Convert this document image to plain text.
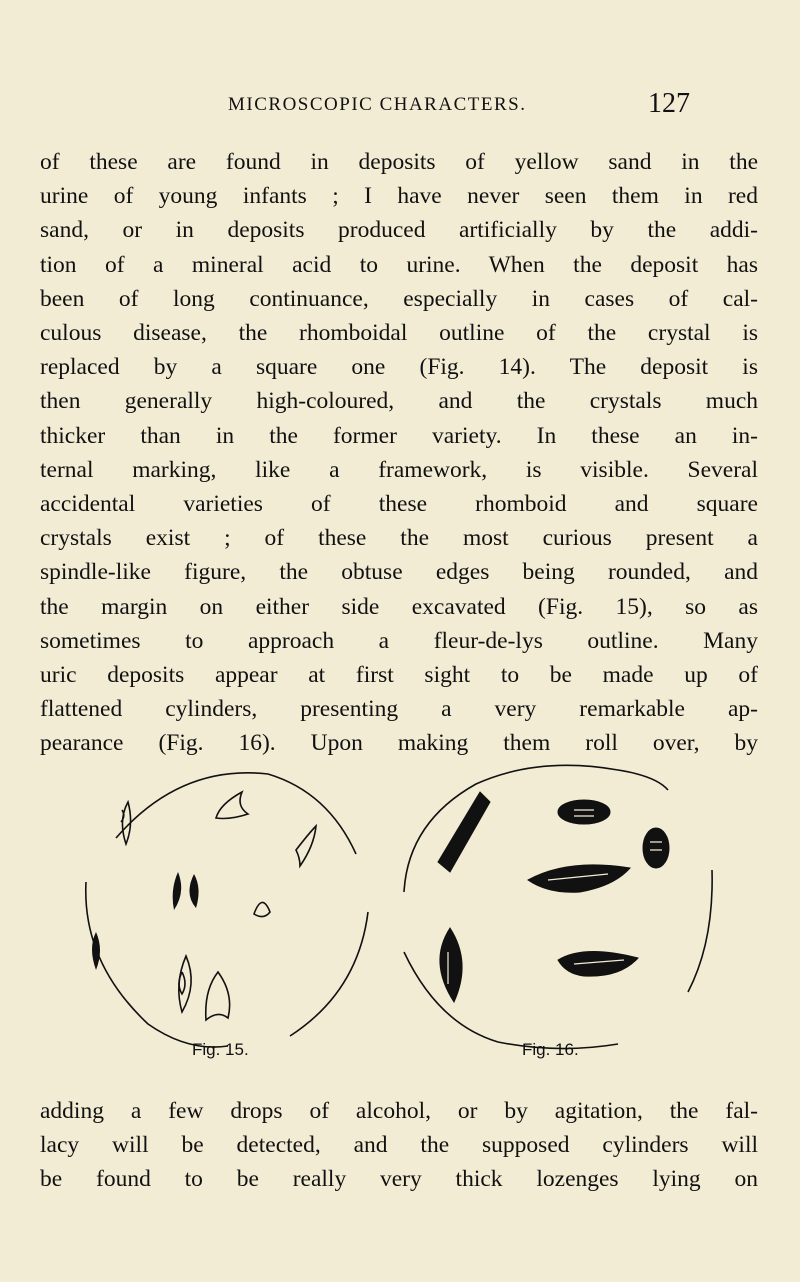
MICROSCOPIC CHARACTERS.	127
of these are found in deposits of yellow sand in the
urine of young infants ; I have never seen them in red
sand, or in deposits produced artificially by the addi-
tion of a mineral acid to urine. When the deposit has
been of long continuance, especially in cases of cal-
culous disease, the rhomboidal outline of the crystal is
replaced by a square one (Fig. 14). The deposit is
then generally high-coloured, and the crystals much
thicker than in the former variety. In these an in-
ternal marking, like a framework, is visible. Several
accidental varieties of these rhomboid and square
crystals exist ; of these the most curious present a
spindle-like figure, the obtuse edges being rounded, and
the margin on either side excavated (Fig. 15), so as
sometimes to approach a fleur-de-lys outline. Many
uric deposits appear at first sight to be made up of
flattened cylinders, presenting a very remarkable ap-
pearance (Fig. 16). Upon making them roll over, by
Fig. 15.	Fig. 16.
adding a few drops of alcohol, or by agitation, the fal-
lacy will be detected, and the supposed cylinders will
be found to be really very thick lozenges lying on
